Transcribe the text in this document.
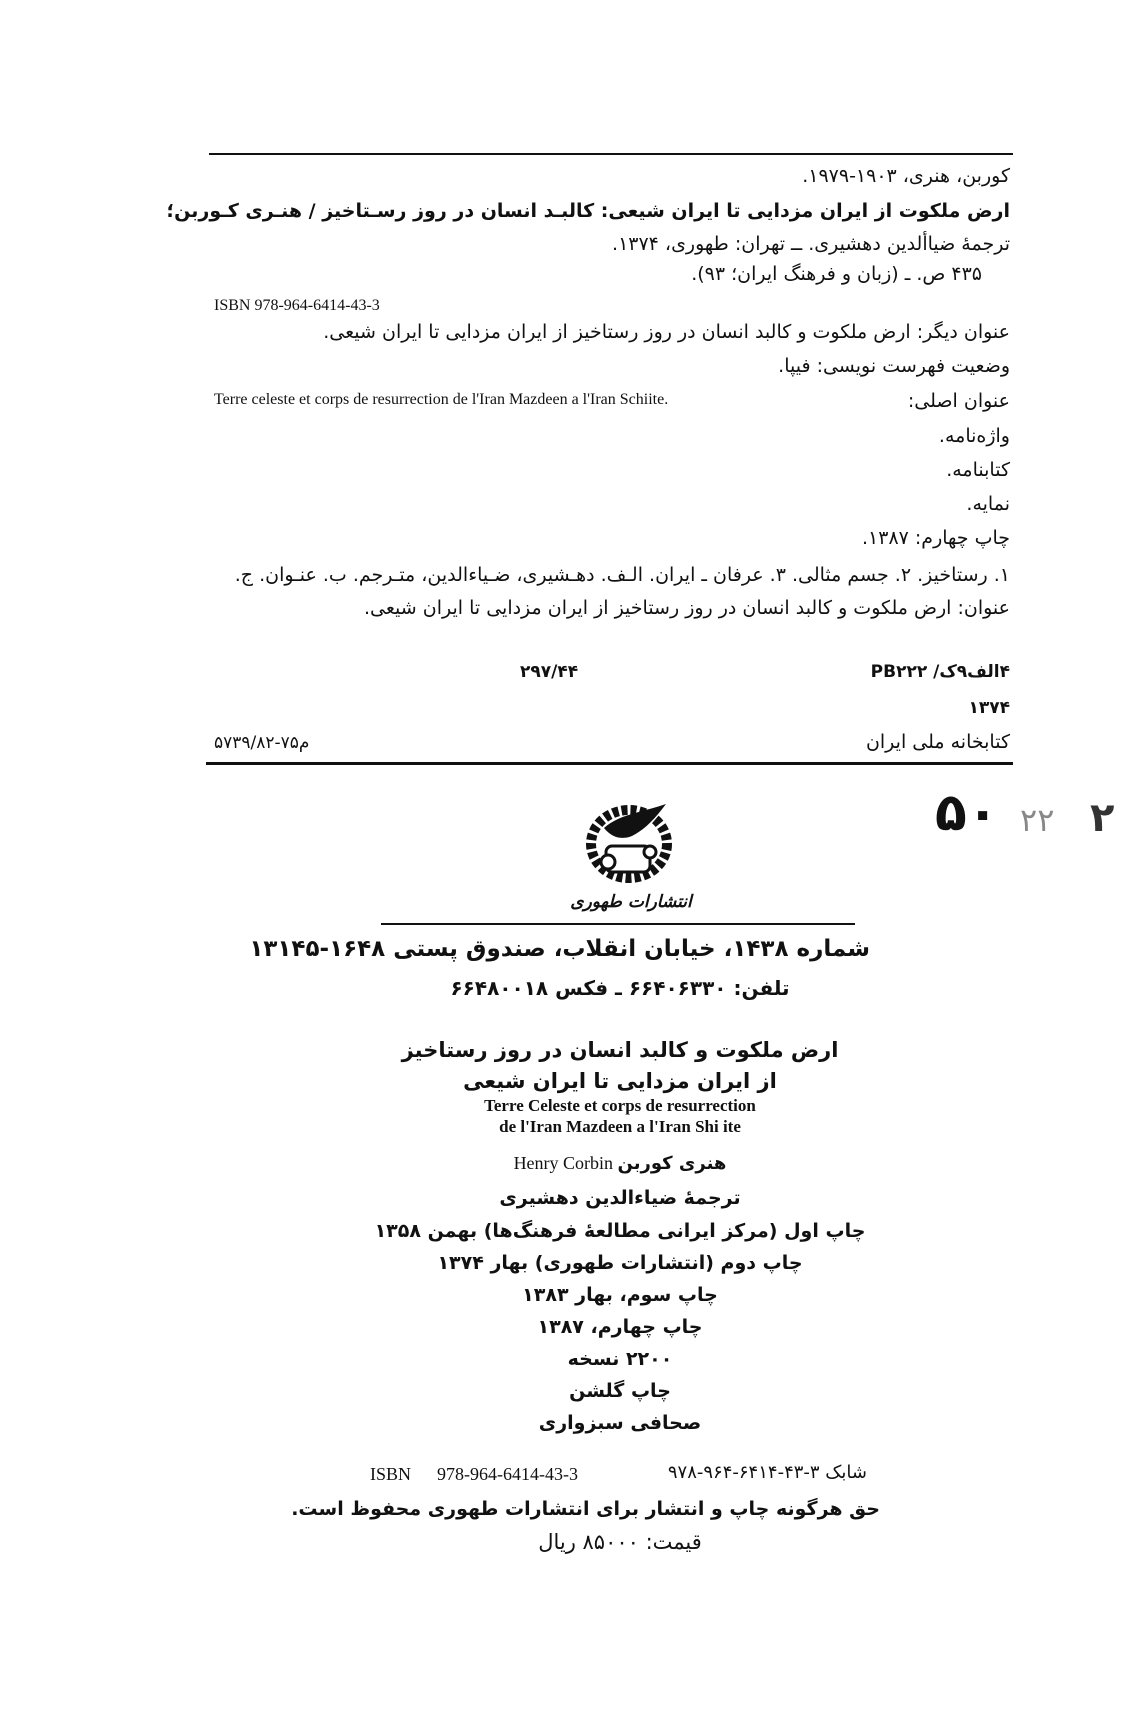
کوربن، هنری، ۱۹۰۳-۱۹۷۹.
ارض ملکوت از ایران مزدایی تا ایران شیعی: کالبـد انسان در روز رسـتاخیز / هنـری کـوربن؛
ترجمهٔ ضیاألدین دهشیری. ــ تهران: طهوری، ۱۳۷۴.
۴۳۵ ص. ـ (زبان و فرهنگ ایران؛ ۹۳).
ISBN 978-964-6414-43-3
عنوان دیگر: ارض ملکوت و کالبد انسان در روز رستاخیز از ایران مزدایی تا ایران شیعی.
وضعیت فهرست نویسی: فیپا.
عنوان اصلی:
Terre celeste et corps de resurrection de l'Iran Mazdeen a l'Iran Schiite.
واژه‌نامه.
کتابنامه.
نمایه.
چاپ چهارم: ۱۳۸۷.
۱. رستاخیز. ۲. جسم مثالی. ۳. عرفان ـ ایران. الـف. دهـشیری، ضـیاءالدین، متـرجم. ب. عنـوان. ج.
عنوان: ارض ملکوت و کالبد انسان در روز رستاخیز از ایران مزدایی تا ایران شیعی.
۴الف۹ک/ PB۲۲۲
۲۹۷/۴۴
۱۳۷۴
کتابخانه ملی ایران
م۷۵-۵۷۳۹/۸۲
۵۰ ۲۲ ۲
انتشارات طهوری
شماره ۱۴۳۸، خیابان انقلاب، صندوق پستی ۱۶۴۸-۱۳۱۴۵
تلفن: ۶۶۴۰۶۳۳۰ ـ فکس ۶۶۴۸۰۰۱۸
ارض ملکوت و کالبد انسان در روز رستاخیز
از ایران مزدایی تا ایران شیعی
Terre Celeste et corps de resurrection
de l'Iran Mazdeen a l'Iran Shi ite
Henry Corbin هنری کوربن
ترجمهٔ ضیاءالدین دهشیری
چاپ اول (مرکز ایرانی مطالعهٔ فرهنگ‌ها) بهمن ۱۳۵۸
چاپ دوم (انتشارات طهوری) بهار ۱۳۷۴
چاپ سوم، بهار ۱۳۸۳
چاپ چهارم، ۱۳۸۷
۲۲۰۰ نسخه
چاپ گلشن
صحافی سبزواری
ISBN 978-964-6414-43-3	شابک ۳-۴۳-۶۴۱۴-۹۶۴-۹۷۸
حق هرگونه چاپ و انتشار برای انتشارات طهوری محفوظ است.
قیمت: ۸۵۰۰۰ ریال
